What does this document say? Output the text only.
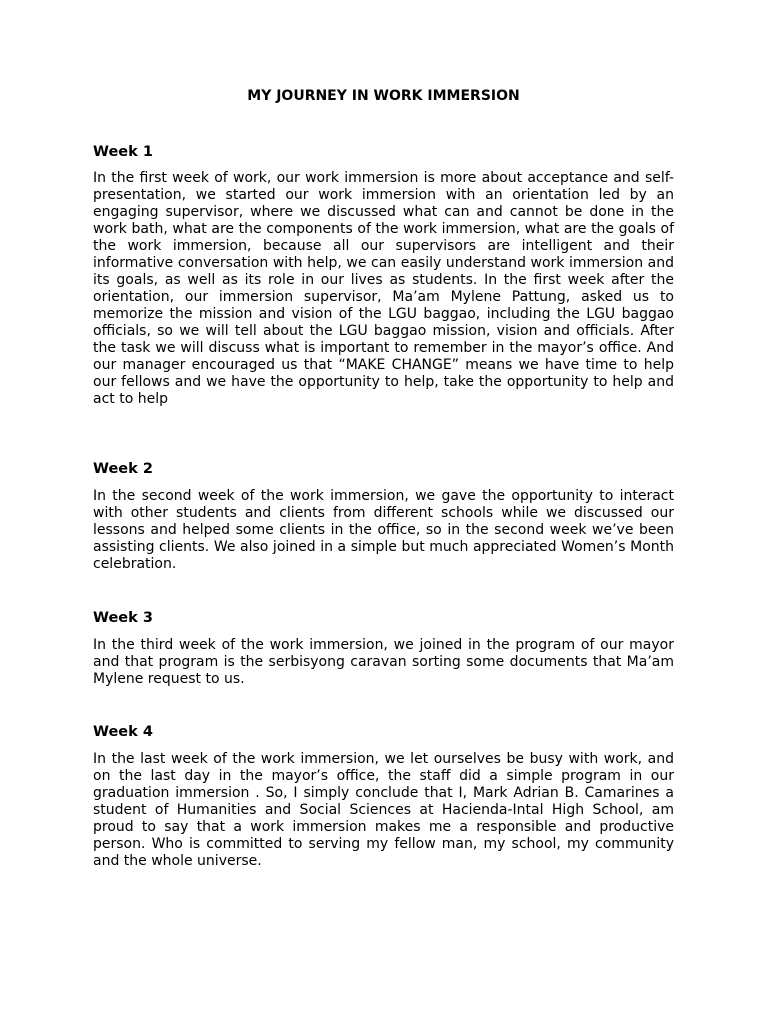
MY JOURNEY IN WORK IMMERSION
Week 1

In the first week of work, our work immersion is more about acceptance and self-presentation, we started our work immersion with an orientation led by an engaging supervisor, where we discussed what can and cannot be done in the work bath, what are the components of the work immersion, what are the goals of the work immersion, because all our supervisors are intelligent and their informative conversation with help, we can easily understand work immersion and its goals, as well as its role in our lives as students. In the first week after the orientation, our immersion supervisor, Ma’am Mylene Pattung, asked us to memorize the mission and vision of the LGU baggao, including the LGU baggao officials, so we will tell about the LGU baggao mission, vision and officials. After the task we will discuss what is important to remember in the mayor’s office. And our manager encouraged us that “MAKE CHANGE” means we have time to help our fellows and we have the opportunity to help, take the opportunity to help and act to help

Week 2

In the second week of the work immersion, we gave the opportunity to interact with other students and clients from different schools while we discussed our lessons and helped some clients in the office, so in the second week we’ve been assisting clients. We also joined in a simple but much appreciated Women’s Month celebration.

Week 3

In the third week of the work immersion, we joined in the program of our mayor and that program is the serbisyong caravan sorting some documents that Ma’am Mylene request to us.

Week 4

In the last week of the work immersion, we let ourselves be busy with work, and on the last day in the mayor’s office, the staff did a simple program in our graduation immersion . So, I simply conclude that I, Mark Adrian B. Camarines a student of Humanities and Social Sciences at Hacienda-Intal High School, am proud to say that a work immersion makes me a responsible and productive person. Who is committed to serving my fellow man, my school, my community and the whole universe.
